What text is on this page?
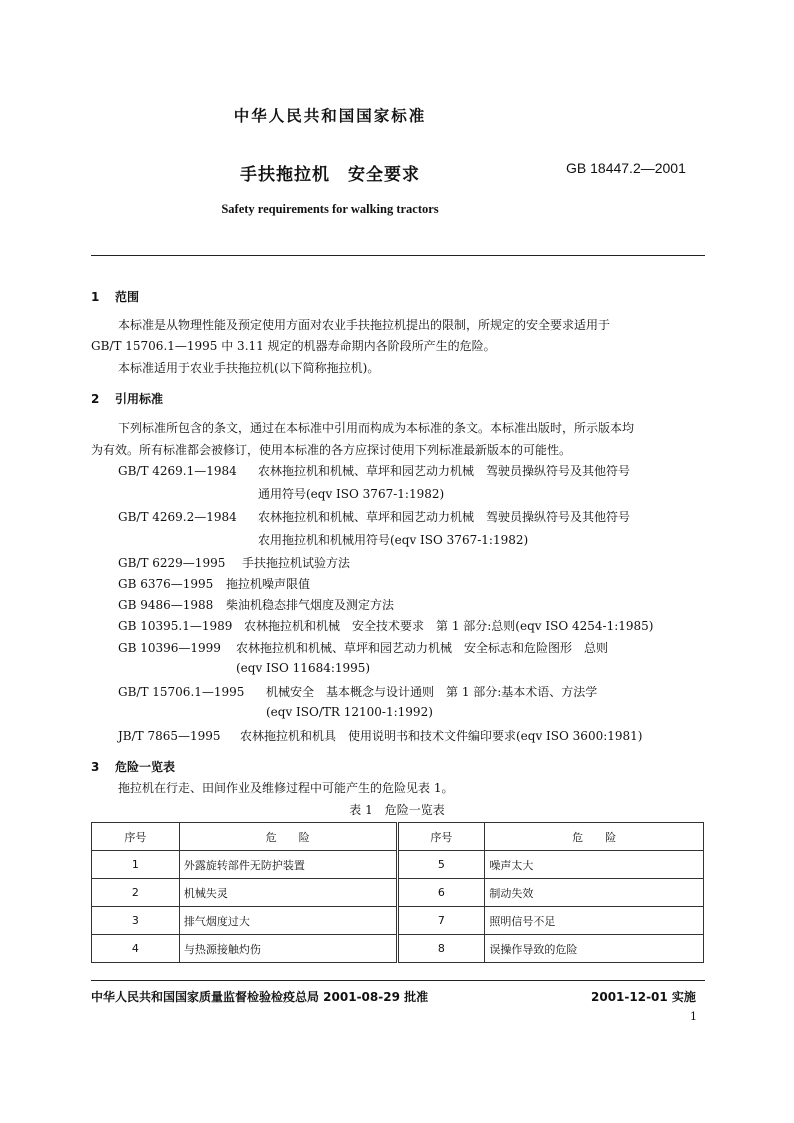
中华人民共和国国家标准
手扶拖拉机　安全要求	GB 18447.2—2001
Safety requirements for walking tractors
1 范围
本标准是从物理性能及预定使用方面对农业手扶拖拉机提出的限制，所规定的安全要求适用于
GB/T 15706.1—1995 中 3.11 规定的机器寿命期内各阶段所产生的危险。
本标准适用于农业手扶拖拉机(以下简称拖拉机)。
2 引用标准
下列标准所包含的条文，通过在本标准中引用而构成为本标准的条文。本标准出版时，所示版本均
为有效。所有标准都会被修订，使用本标准的各方应探讨使用下列标准最新版本的可能性。
GB/T 4269.1—1984 农林拖拉机和机械、草坪和园艺动力机械　驾驶员操纵符号及其他符号
通用符号(eqv ISO 3767-1:1982)
GB/T 4269.2—1984 农林拖拉机和机械、草坪和园艺动力机械　驾驶员操纵符号及其他符号
农用拖拉机和机械用符号(eqv ISO 3767-1:1982)
GB/T 6229—1995 手扶拖拉机试验方法
GB 6376—1995 拖拉机噪声限值
GB 9486—1988 柴油机稳态排气烟度及测定方法
GB 10395.1—1989 农林拖拉机和机械　安全技术要求　第 1 部分:总则(eqv ISO 4254-1:1985)
GB 10396—1999 农林拖拉机和机械、草坪和园艺动力机械　安全标志和危险图形　总则
(eqv ISO 11684:1995)
GB/T 15706.1—1995 机械安全　基本概念与设计通则　第 1 部分:基本术语、方法学
(eqv ISO/TR 12100-1:1992)
JB/T 7865—1995 农林拖拉机和机具　使用说明书和技术文件编印要求(eqv ISO 3600:1981)
3 危险一览表
拖拉机在行走、田间作业及维修过程中可能产生的危险见表 1。
表 1　危险一览表
序号	危　　险	序号	危　　险
1	外露旋转部件无防护装置	5	噪声太大
2	机械失灵	6	制动失效
3	排气烟度过大	7	照明信号不足
4	与热源接触灼伤	8	误操作导致的危险
中华人民共和国国家质量监督检验检疫总局 2001-08-29 批准	2001-12-01 实施
1
